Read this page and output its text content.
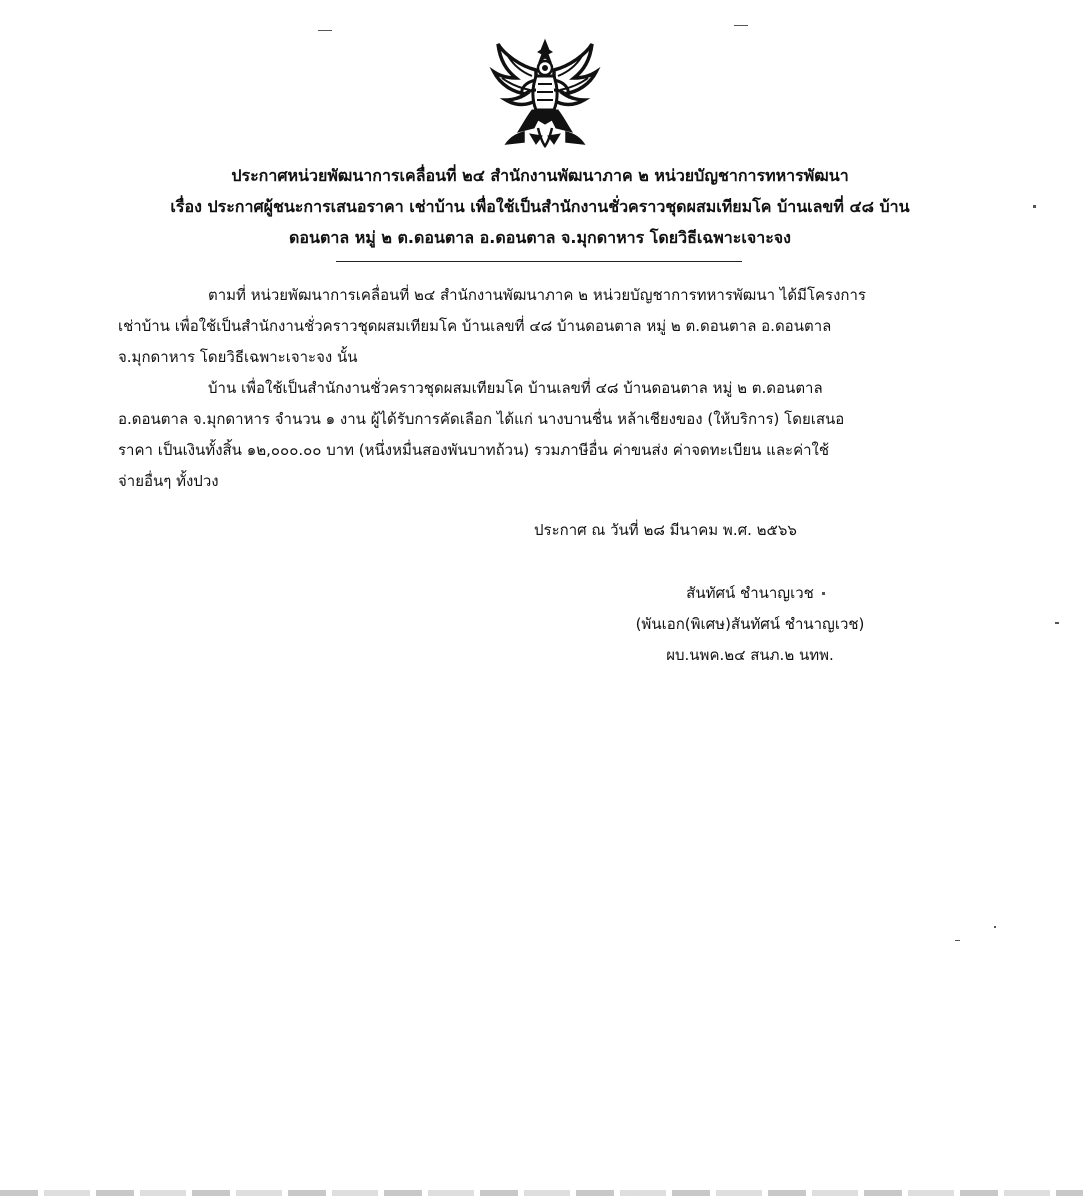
ประกาศหน่วยพัฒนาการเคลื่อนที่ ๒๔ สำนักงานพัฒนาภาค ๒ หน่วยบัญชาการทหารพัฒนา
เรื่อง ประกาศผู้ชนะการเสนอราคา เช่าบ้าน เพื่อใช้เป็นสำนักงานชั่วคราวชุดผสมเทียมโค บ้านเลขที่ ๔๘ บ้าน
ดอนตาล หมู่ ๒ ต.ดอนตาล อ.ดอนตาล จ.มุกดาหาร โดยวิธีเฉพาะเจาะจง

ตามที่ หน่วยพัฒนาการเคลื่อนที่ ๒๔ สำนักงานพัฒนาภาค ๒ หน่วยบัญชาการทหารพัฒนา ได้มีโครงการ
เช่าบ้าน เพื่อใช้เป็นสำนักงานชั่วคราวชุดผสมเทียมโค บ้านเลขที่ ๔๘ บ้านดอนตาล หมู่ ๒ ต.ดอนตาล อ.ดอนตาล
จ.มุกดาหาร โดยวิธีเฉพาะเจาะจง นั้น

บ้าน เพื่อใช้เป็นสำนักงานชั่วคราวชุดผสมเทียมโค บ้านเลขที่ ๔๘ บ้านดอนตาล หมู่ ๒ ต.ดอนตาล
อ.ดอนตาล จ.มุกดาหาร จำนวน ๑ งาน ผู้ได้รับการคัดเลือก ได้แก่ นางบานชื่น หล้าเชียงของ (ให้บริการ) โดยเสนอ
ราคา เป็นเงินทั้งสิ้น ๑๒,๐๐๐.๐๐ บาท (หนึ่งหมื่นสองพันบาทถ้วน) รวมภาษีอื่น ค่าขนส่ง ค่าจดทะเบียน และค่าใช้
จ่ายอื่นๆ ทั้งปวง

ประกาศ ณ วันที่ ๒๘ มีนาคม พ.ศ. ๒๕๖๖
สันทัศน์ ชำนาญเวช
(พันเอก(พิเศษ)สันทัศน์ ชำนาญเวช)
ผบ.นพค.๒๔ สนภ.๒ นทพ.
